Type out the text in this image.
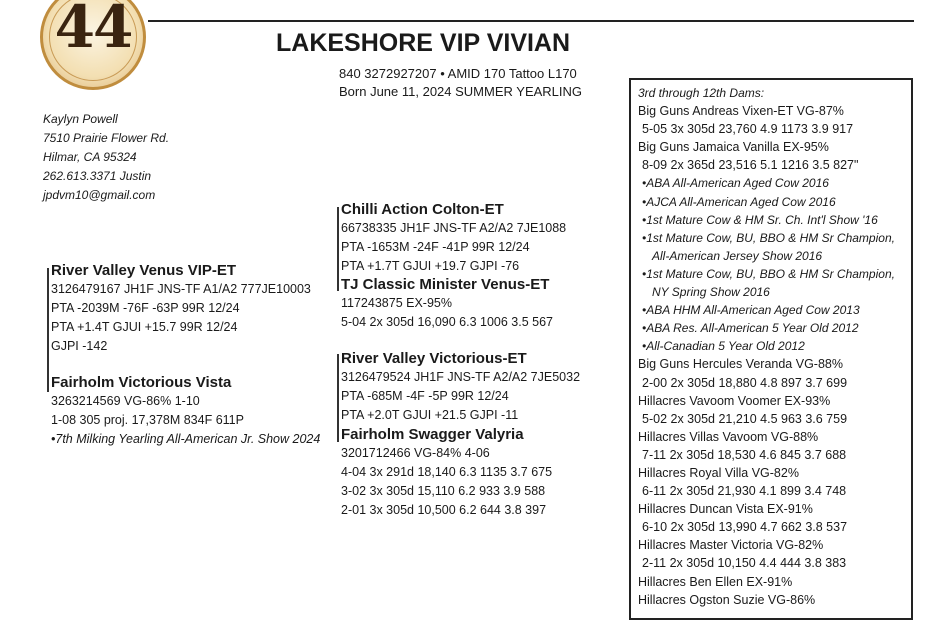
44	LAKESHORE VIP VIVIAN
840 3272927207 • AMID 170 Tattoo L170
Born June 11, 2024 SUMMER YEARLING
Kaylyn Powell
7510 Prairie Flower Rd.
Hilmar, CA 95324
262.613.3371 Justin
jpdvm10@gmail.com
River Valley Venus VIP-ET
3126479167 JH1F JNS-TF A1/A2 777JE10003
PTA -2039M -76F -63P 99R 12/24
PTA +1.4T GJUI +15.7 99R 12/24
GJPI -142
Fairholm Victorious Vista
3263214569 VG-86% 1-10
1-08 305 proj. 17,378M 834F 611P
•7th Milking Yearling All-American Jr. Show 2024
Chilli Action Colton-ET
66738335 JH1F JNS-TF A2/A2 7JE1088
PTA -1653M -24F -41P 99R 12/24
PTA +1.7T GJUI +19.7 GJPI -76
TJ Classic Minister Venus-ET
117243875 EX-95%
5-04 2x 305d 16,090 6.3 1006 3.5 567
River Valley Victorious-ET
3126479524 JH1F JNS-TF A2/A2 7JE5032
PTA -685M -4F -5P 99R 12/24
PTA +2.0T GJUI +21.5 GJPI -11
Fairholm Swagger Valyria
3201712466 VG-84% 4-06
4-04 3x 291d 18,140 6.3 1135 3.7 675
3-02 3x 305d 15,110 6.2 933 3.9 588
2-01 3x 305d 10,500 6.2 644 3.8 397
3rd through 12th Dams:
Big Guns Andreas Vixen-ET VG-87%
5-05 3x 305d 23,760 4.9 1173 3.9 917
Big Guns Jamaica Vanilla EX-95%
8-09 2x 365d 23,516 5.1 1216 3.5 827"
•ABA All-American Aged Cow 2016
•AJCA All-American Aged Cow 2016
•1st Mature Cow & HM Sr. Ch. Int'l Show '16
•1st Mature Cow, BU, BBO & HM Sr Champion,
All-American Jersey Show 2016
•1st Mature Cow, BU, BBO & HM Sr Champion,
NY Spring Show 2016
•ABA HHM All-American Aged Cow 2013
•ABA Res. All-American 5 Year Old 2012
•All-Canadian 5 Year Old 2012
Big Guns Hercules Veranda VG-88%
2-00 2x 305d 18,880 4.8 897 3.7 699
Hillacres Vavoom Voomer EX-93%
5-02 2x 305d 21,210 4.5 963 3.6 759
Hillacres Villas Vavoom VG-88%
7-11 2x 305d 18,530 4.6 845 3.7 688
Hillacres Royal Villa VG-82%
6-11 2x 305d 21,930 4.1 899 3.4 748
Hillacres Duncan Vista EX-91%
6-10 2x 305d 13,990 4.7 662 3.8 537
Hillacres Master Victoria VG-82%
2-11 2x 305d 10,150 4.4 444 3.8 383
Hillacres Ben Ellen EX-91%
Hillacres Ogston Suzie VG-86%
